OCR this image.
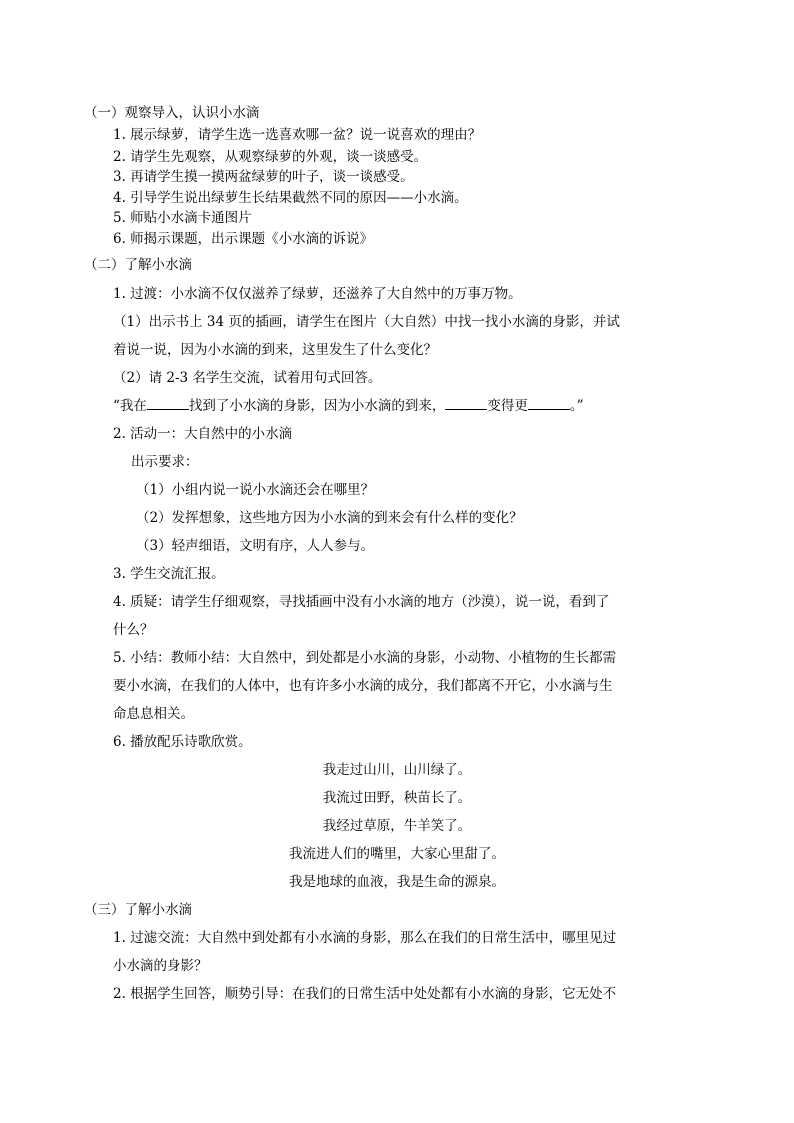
（一）观察导入，认识小水滴
1. 展示绿萝，请学生选一选喜欢哪一盆？说一说喜欢的理由？
2. 请学生先观察，从观察绿萝的外观，谈一谈感受。
3. 再请学生摸一摸两盆绿萝的叶子，谈一谈感受。
4. 引导学生说出绿萝生长结果截然不同的原因——小水滴。
5. 师贴小水滴卡通图片
6. 师揭示课题，出示课题《小水滴的诉说》
（二）了解小水滴
1. 过渡：小水滴不仅仅滋养了绿萝，还滋养了大自然中的万事万物。
（1）出示书上 34 页的插画，请学生在图片（大自然）中找一找小水滴的身影，并试
着说一说，因为小水滴的到来，这里发生了什么变化？
（2）请 2-3 名学生交流，试着用句式回答。
“我在	找到了小水滴的身影，因为小水滴的到来，	变得更	。”
2. 活动一：大自然中的小水滴
出示要求：
（1）小组内说一说小水滴还会在哪里？
（2）发挥想象，这些地方因为小水滴的到来会有什么样的变化？
（3）轻声细语，文明有序，人人参与。
3. 学生交流汇报。
4. 质疑：请学生仔细观察，寻找插画中没有小水滴的地方（沙漠），说一说，看到了
什么？
5. 小结：教师小结：大自然中，到处都是小水滴的身影，小动物、小植物的生长都需
要小水滴，在我们的人体中，也有许多小水滴的成分，我们都离不开它，小水滴与生
命息息相关。
6. 播放配乐诗歌欣赏。
我走过山川，山川绿了。
我流过田野，秧苗长了。
我经过草原，牛羊笑了。
我流进人们的嘴里，大家心里甜了。
我是地球的血液，我是生命的源泉。
（三）了解小水滴
1. 过滤交流：大自然中到处都有小水滴的身影，那么在我们的日常生活中，哪里见过
小水滴的身影？
2. 根据学生回答，顺势引导：在我们的日常生活中处处都有小水滴的身影，它无处不
